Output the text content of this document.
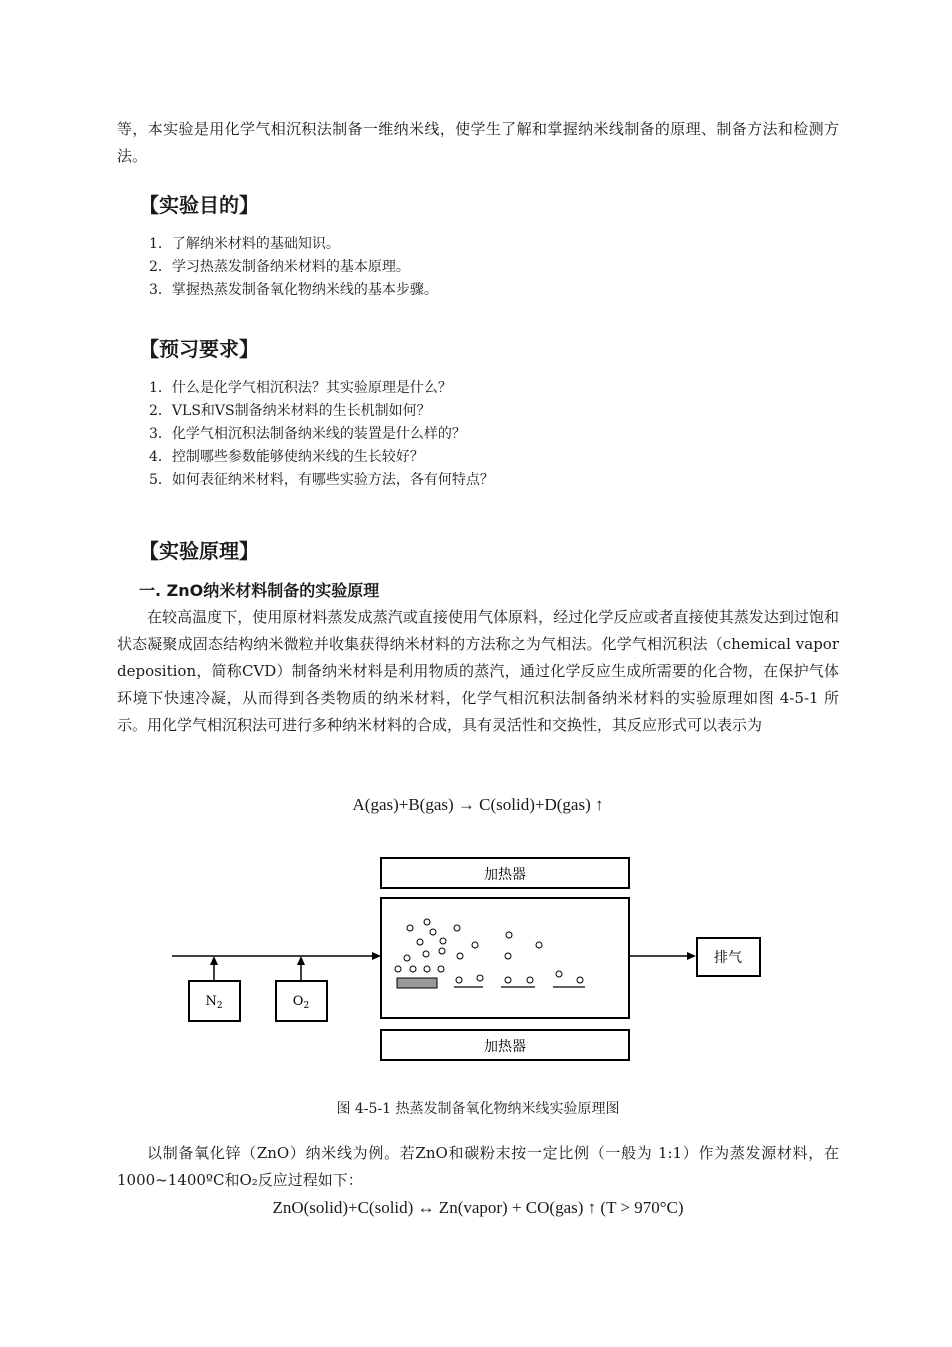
等，本实验是用化学气相沉积法制备一维纳米线，使学生了解和掌握纳米线制备的原理、制备方法和检测方法。

【实验目的】
1．了解纳米材料的基础知识。
2．学习热蒸发制备纳米材料的基本原理。
3．掌握热蒸发制备氧化物纳米线的基本步骤。
【预习要求】
1．什么是化学气相沉积法？其实验原理是什么？
2．VLS和VS制备纳米材料的生长机制如何？
3．化学气相沉积法制备纳米线的装置是什么样的？
4．控制哪些参数能够使纳米线的生长较好？
5．如何表征纳米材料，有哪些实验方法，各有何特点？
【实验原理】
一. ZnO纳米材料制备的实验原理

在较高温度下，使用原材料蒸发成蒸汽或直接使用气体原料，经过化学反应或者直接使其蒸发达到过饱和状态凝聚成固态结构纳米微粒并收集获得纳米材料的方法称之为气相法。化学气相沉积法（chemical vapor deposition，简称CVD）制备纳米材料是利用物质的蒸汽，通过化学反应生成所需要的化合物，在保护气体环境下快速冷凝，从而得到各类物质的纳米材料，化学气相沉积法制备纳米材料的实验原理如图 4-5-1 所示。用化学气相沉积法可进行多种纳米材料的合成，具有灵活性和交换性，其反应形式可以表示为

A(gas)+B(gas) → C(solid)+D(gas) ↑
加热器
加热器
$N_2$	$O_2$
排气
图 4-5-1 热蒸发制备氧化物纳米线实验原理图

以制备氧化锌（ZnO）纳米线为例。若ZnO和碳粉末按一定比例（一般为 1:1）作为蒸发源材料，在 1000~1400ºC和O₂反应过程如下：

ZnO(solid)+C(solid) ↔ Zn(vapor) + CO(gas) ↑ (T > 970°C)
